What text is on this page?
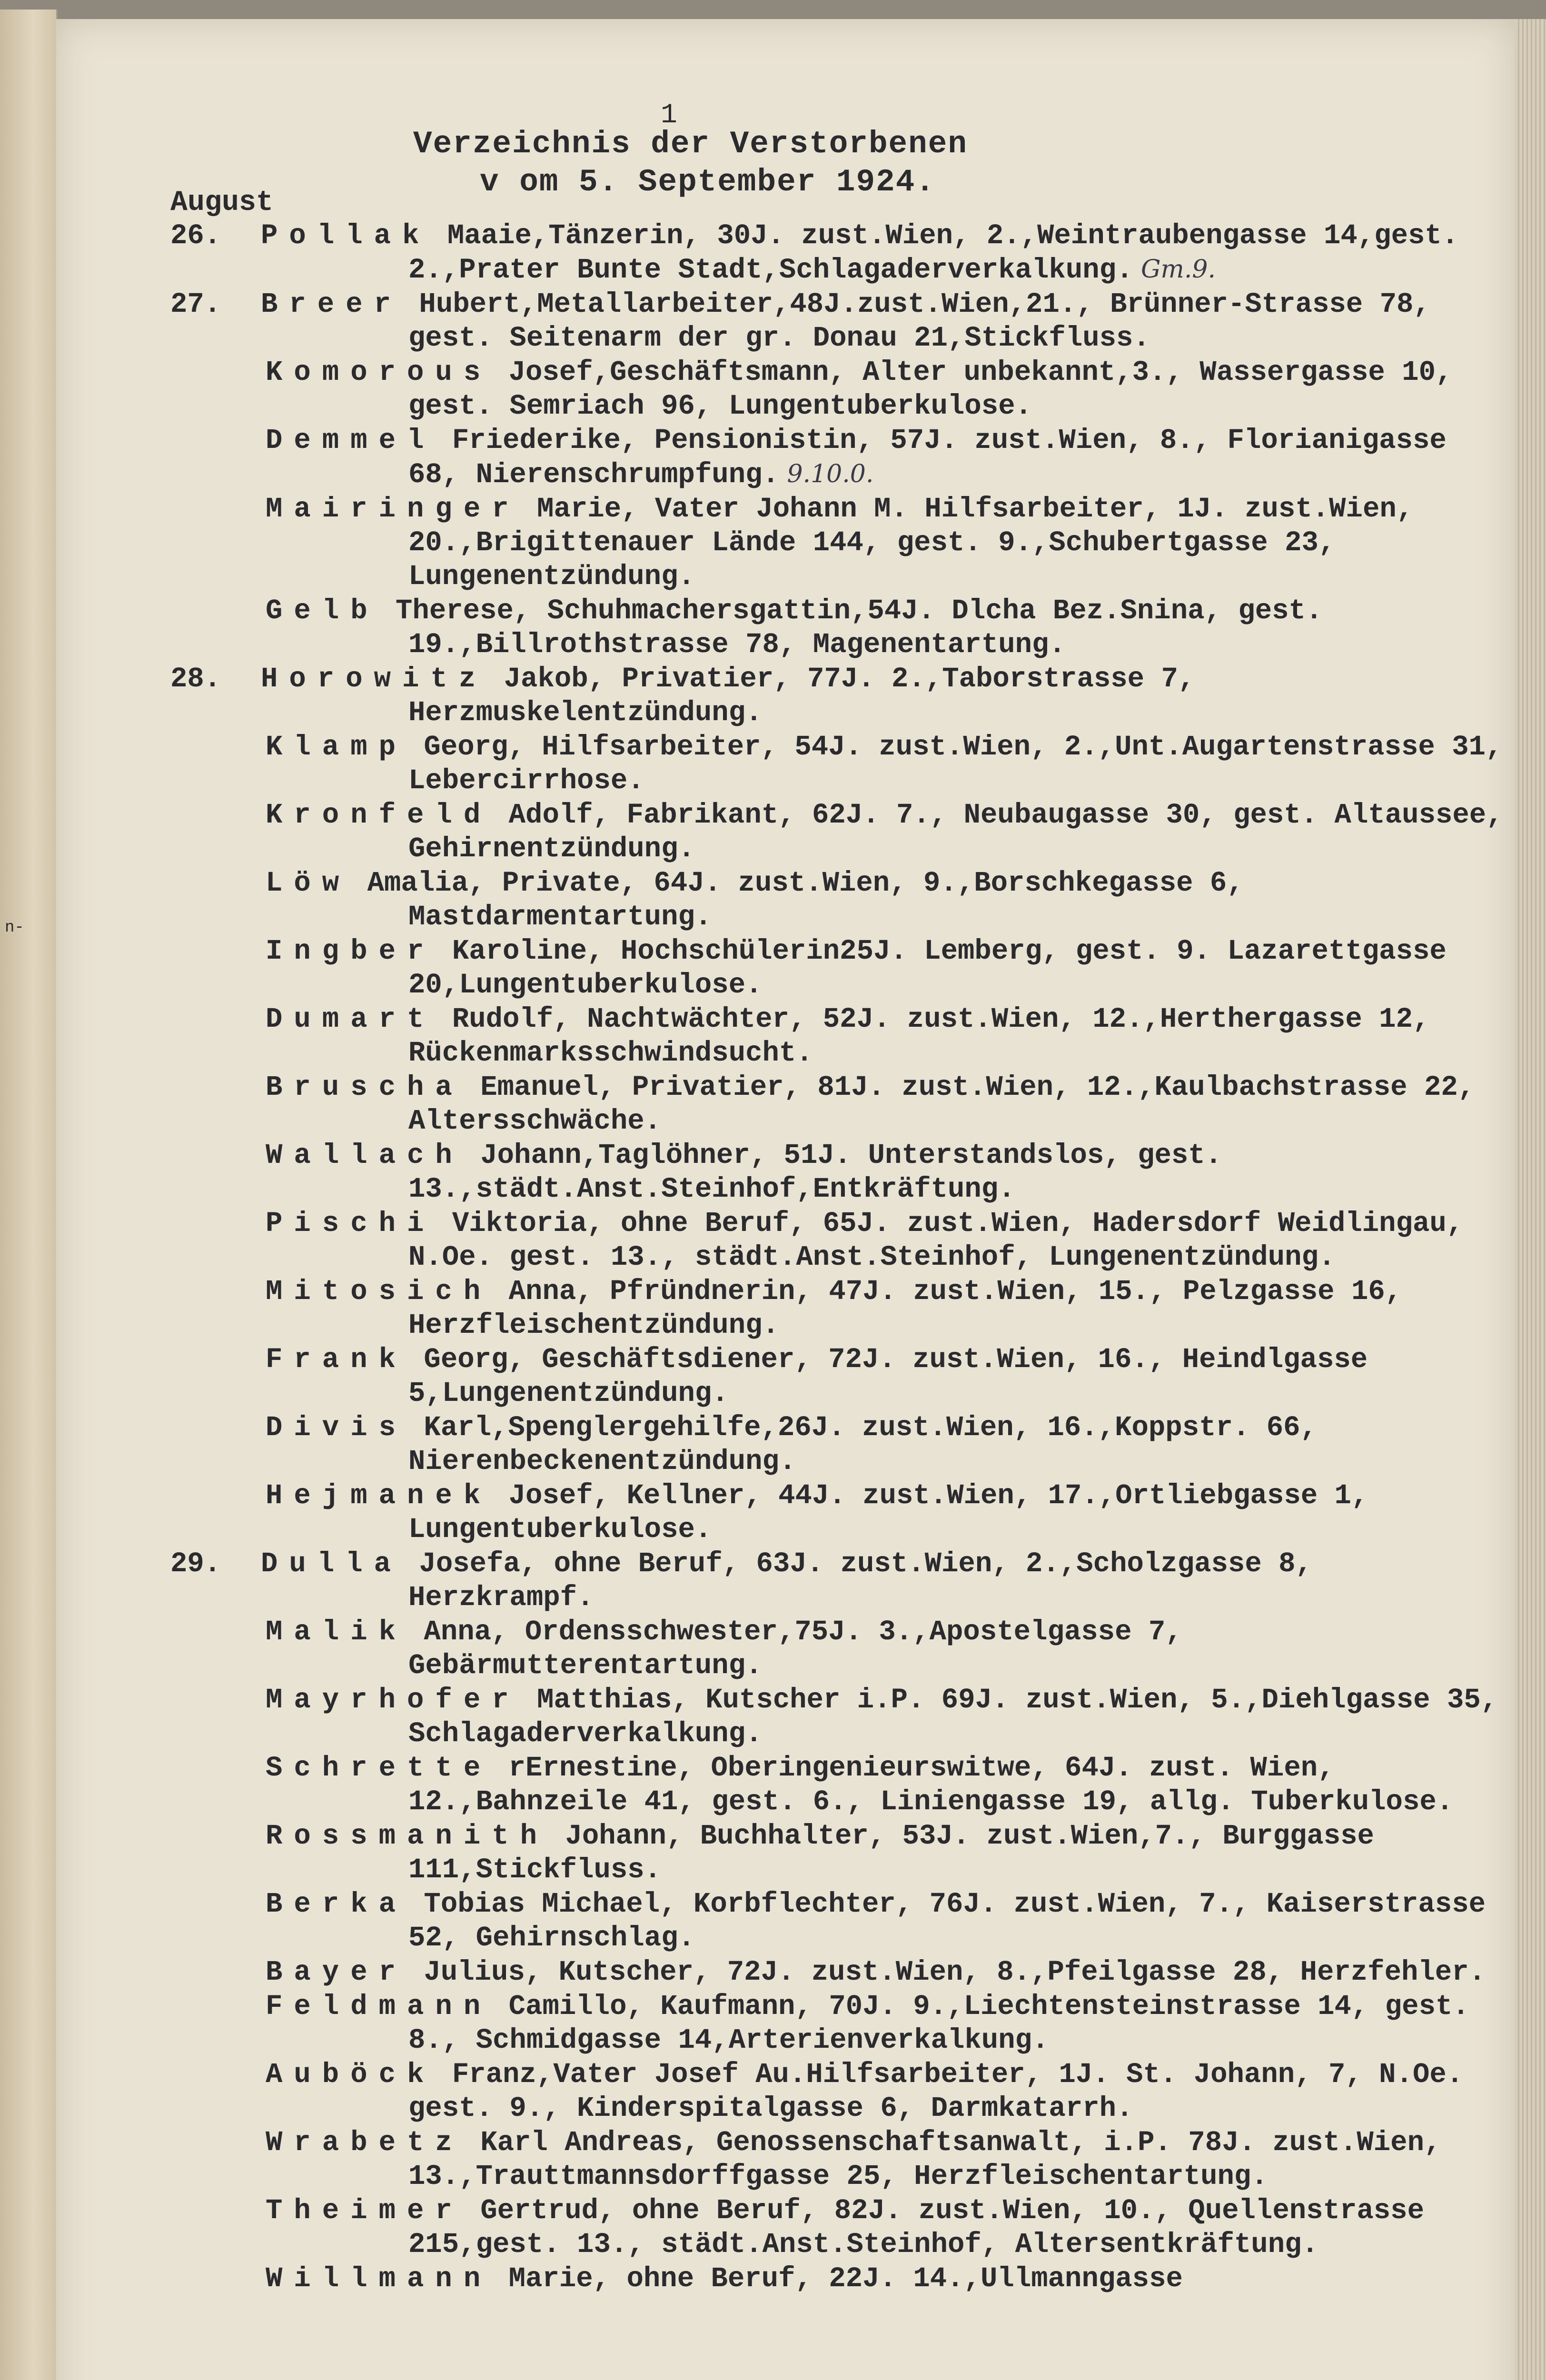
n-
1
Verzeichnis der Verstorbenen
v om 5. September 1924.
August
26. Pollak Maaie,Tänzerin, 30J. zust.Wien, 2.,Weintraubengasse 14,gest. 2.,Prater Bunte Stadt,Schlagaderverkalkung. Gm.9.
27. Breer Hubert,Metallarbeiter,48J.zust.Wien,21., Brünner-Strasse 78, gest. Seitenarm der gr. Donau 21,Stickfluss.
Komorous Josef,Geschäftsmann, Alter unbekannt,3., Wassergasse 10, gest. Semriach 96, Lungentuberkulose.
Demmel Friederike, Pensionistin, 57J. zust.Wien, 8., Florianigasse 68, Nierenschrumpfung. 9.10.0.
Mairinger Marie, Vater Johann M. Hilfsarbeiter, 1J. zust.Wien, 20.,Brigittenauer Lände 144, gest. 9.,Schubertgasse 23, Lungenentzündung.
Gelb Therese, Schuhmachersgattin,54J. Dlcha Bez.Snina, gest. 19.,Billrothstrasse 78, Magenentartung.
28. Horowitz Jakob, Privatier, 77J. 2.,Taborstrasse 7, Herzmuskelentzündung.
Klamp Georg, Hilfsarbeiter, 54J. zust.Wien, 2.,Unt.Augartenstrasse 31, Lebercirrhose.
Kronfeld Adolf, Fabrikant, 62J. 7., Neubaugasse 30, gest. Altaussee, Gehirnentzündung.
Löw Amalia, Private, 64J. zust.Wien, 9.,Borschkegasse 6, Mastdarmentartung.
Ingber Karoline, Hochschülerin25J. Lemberg, gest. 9. Lazarettgasse 20,Lungentuberkulose.
Dumart Rudolf, Nachtwächter, 52J. zust.Wien, 12.,Herthergasse 12, Rückenmarksschwindsucht.
Bruscha Emanuel, Privatier, 81J. zust.Wien, 12.,Kaulbachstrasse 22, Altersschwäche.
Wallach Johann,Taglöhner, 51J. Unterstandslos, gest. 13.,städt.Anst.Steinhof,Entkräftung.
Pischi Viktoria, ohne Beruf, 65J. zust.Wien, Hadersdorf Weidlingau, N.Oe. gest. 13., städt.Anst.Steinhof, Lungenentzündung.
Mitosich Anna, Pfründnerin, 47J. zust.Wien, 15., Pelzgasse 16, Herzfleischentzündung.
Frank Georg, Geschäftsdiener, 72J. zust.Wien, 16., Heindlgasse 5,Lungenentzündung.
Divis Karl,Spenglergehilfe,26J. zust.Wien, 16.,Koppstr. 66, Nierenbeckenentzündung.
Hejmanek Josef, Kellner, 44J. zust.Wien, 17.,Ortliebgasse 1, Lungentuberkulose.
29. Dulla Josefa, ohne Beruf, 63J. zust.Wien, 2.,Scholzgasse 8, Herzkrampf.
Malik Anna, Ordensschwester,75J. 3.,Apostelgasse 7, Gebärmutterentartung.
Mayrhofer Matthias, Kutscher i.P. 69J. zust.Wien, 5.,Diehlgasse 35, Schlagaderverkalkung.
Schrette rErnestine, Oberingenieurswitwe, 64J. zust. Wien, 12.,Bahnzeile 41, gest. 6., Liniengasse 19, allg. Tuberkulose.
Rossmanith Johann, Buchhalter, 53J. zust.Wien,7., Burggasse 111,Stickfluss.
Berka Tobias Michael, Korbflechter, 76J. zust.Wien, 7., Kaiserstrasse 52, Gehirnschlag.
Bayer Julius, Kutscher, 72J. zust.Wien, 8.,Pfeilgasse 28, Herzfehler.
Feldmann Camillo, Kaufmann, 70J. 9.,Liechtensteinstrasse 14, gest. 8., Schmidgasse 14,Arterienverkalkung.
Auböck Franz,Vater Josef Au.Hilfsarbeiter, 1J. St. Johann, 7, N.Oe. gest. 9., Kinderspitalgasse 6, Darmkatarrh.
Wrabetz Karl Andreas, Genossenschaftsanwalt, i.P. 78J. zust.Wien, 13.,Trauttmannsdorffgasse 25, Herzfleischentartung.
Theimer Gertrud, ohne Beruf, 82J. zust.Wien, 10., Quellenstrasse 215,gest. 13., städt.Anst.Steinhof, Altersentkräftung.
Willmann Marie, ohne Beruf, 22J. 14.,Ullmanngasse
